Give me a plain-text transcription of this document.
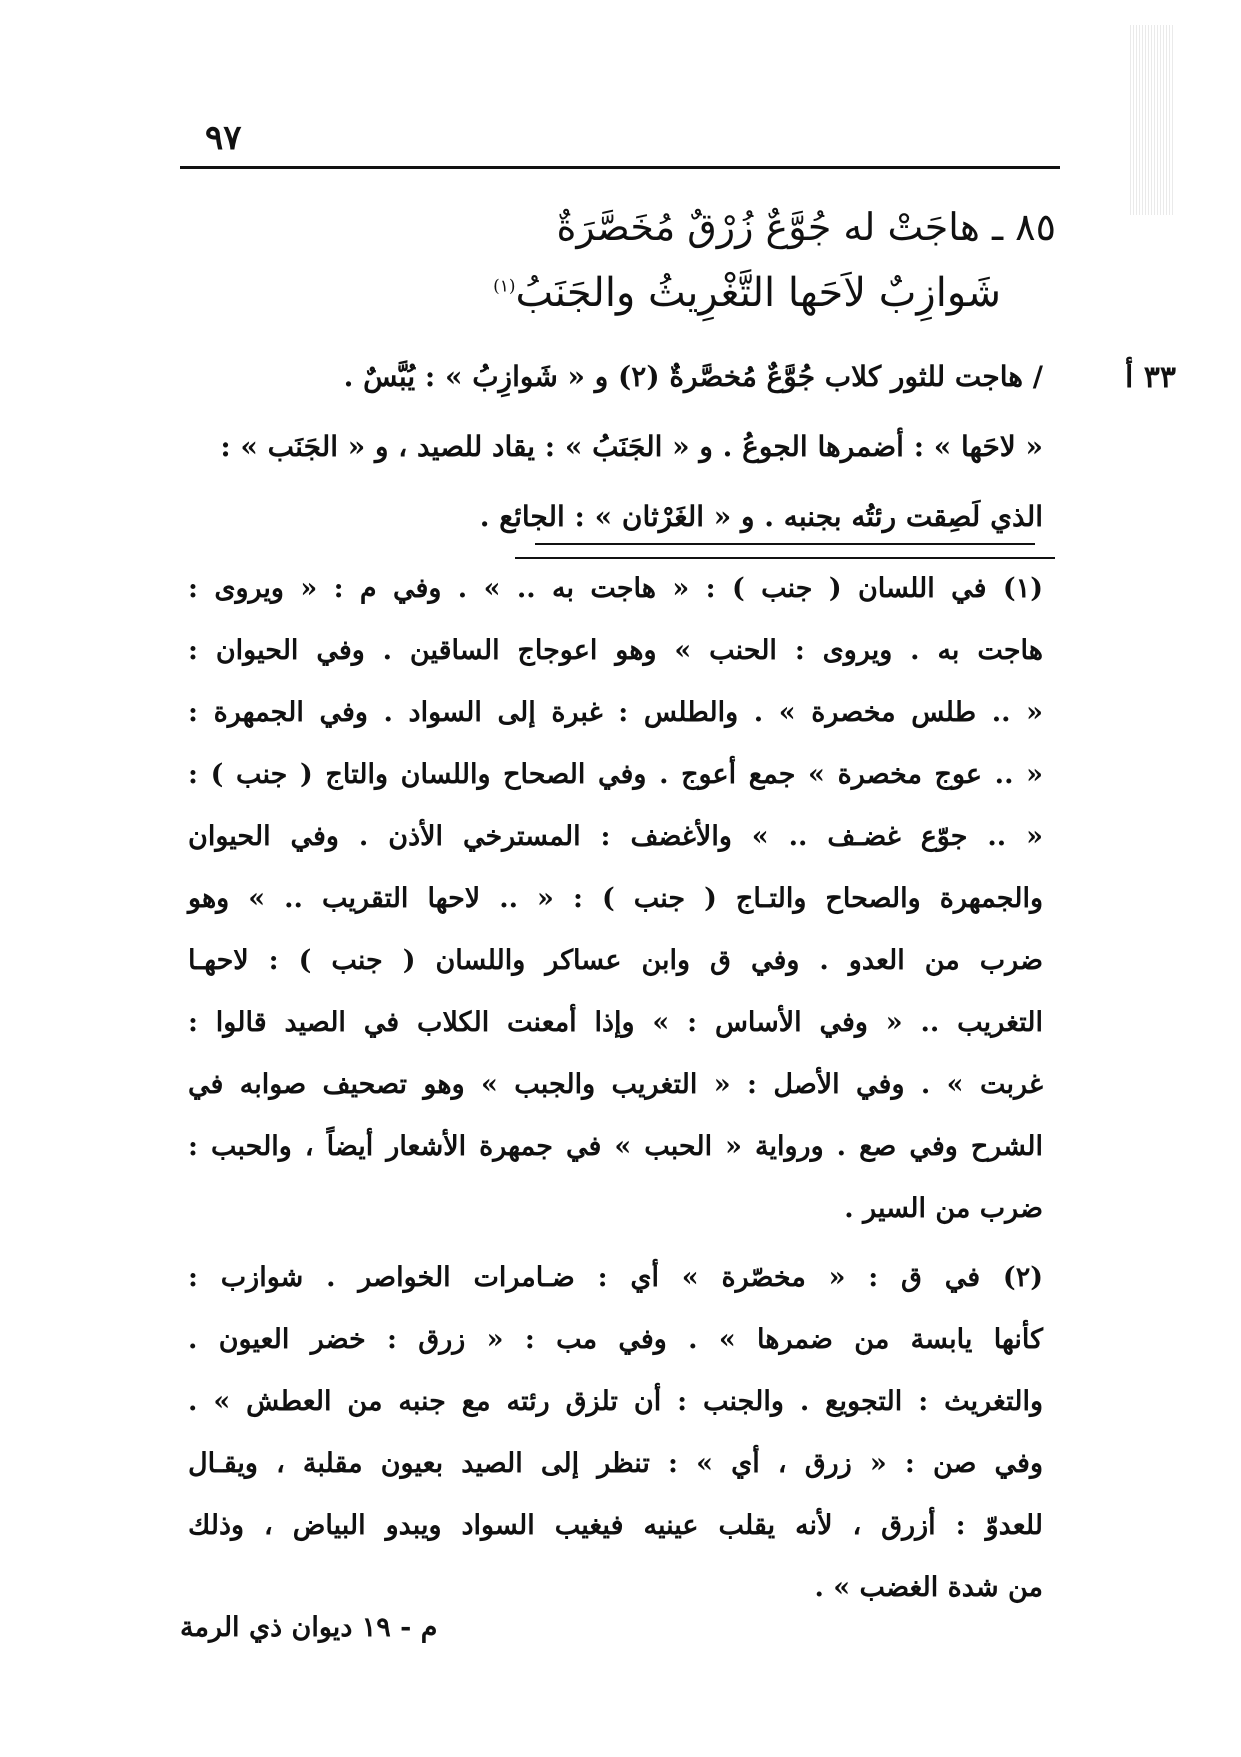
٩٧
٨٥ ـ هاجَتْ له جُوَّعٌ زُرْقٌ مُخَصَّرَةٌ
شَوازِبٌ لاَحَها التَّغْرِيثُ والجَنَبُ$^{(١)}$
٣٣ أ
/ هاجت للثور كلاب جُوَّعٌ مُخصَّرةٌ (٢) و « شَوازِبُ » : يُبَّسٌ .
« لاحَها » : أضمرها الجوعُ . و « الجَنَبُ » : يقاد للصيد ، و « الجَنَب » :
الذي لَصِقت رئتُه بجنبه . و « الغَرْثان » : الجائع .
(١) في اللسان ( جنب ) : « هاجت به .. » . وفي م : « ويروى :
هاجت به . ويروى : الحنب » وهو اعوجاج الساقين . وفي الحيوان :
« .. طلس مخصرة » . والطلس : غبرة إلى السواد . وفي الجمهرة :
« .. عوج مخصرة » جمع أعوج . وفي الصحاح واللسان والتاج ( جنب ) :
« .. جوّع غضـف .. » والأغضف : المسترخي الأذن . وفي الحيوان
والجمهرة والصحاح والتـاج ( جنب ) : « .. لاحها التقريب .. » وهو
ضرب من العدو . وفي ق وابن عساكر واللسان ( جنب ) : لاحهـا
التغريب .. « وفي الأساس : » وإذا أمعنت الكلاب في الصيد قالوا :
غربت » . وفي الأصل : « التغريب والجبب » وهو تصحيف صوابه في
الشرح وفي صع . ورواية « الحبب » في جمهرة الأشعار أيضاً ، والحبب :
ضرب من السير .
(٢) في ق : « مخصّرة » أي : ضـامرات الخواصر . شوازب :
كأنها يابسة من ضمرها » . وفي مب : « زرق : خضر العيون .
والتغريث : التجويع . والجنب : أن تلزق رئته مع جنبه من العطش » .
وفي صن : « زرق ، أي » : تنظر إلى الصيد بعيون مقلبة ، ويقـال
للعدوّ : أزرق ، لأنه يقلب عينيه فيغيب السواد ويبدو البياض ، وذلك
من شدة الغضب » .
م - ١٩ ديوان ذي الرمة
